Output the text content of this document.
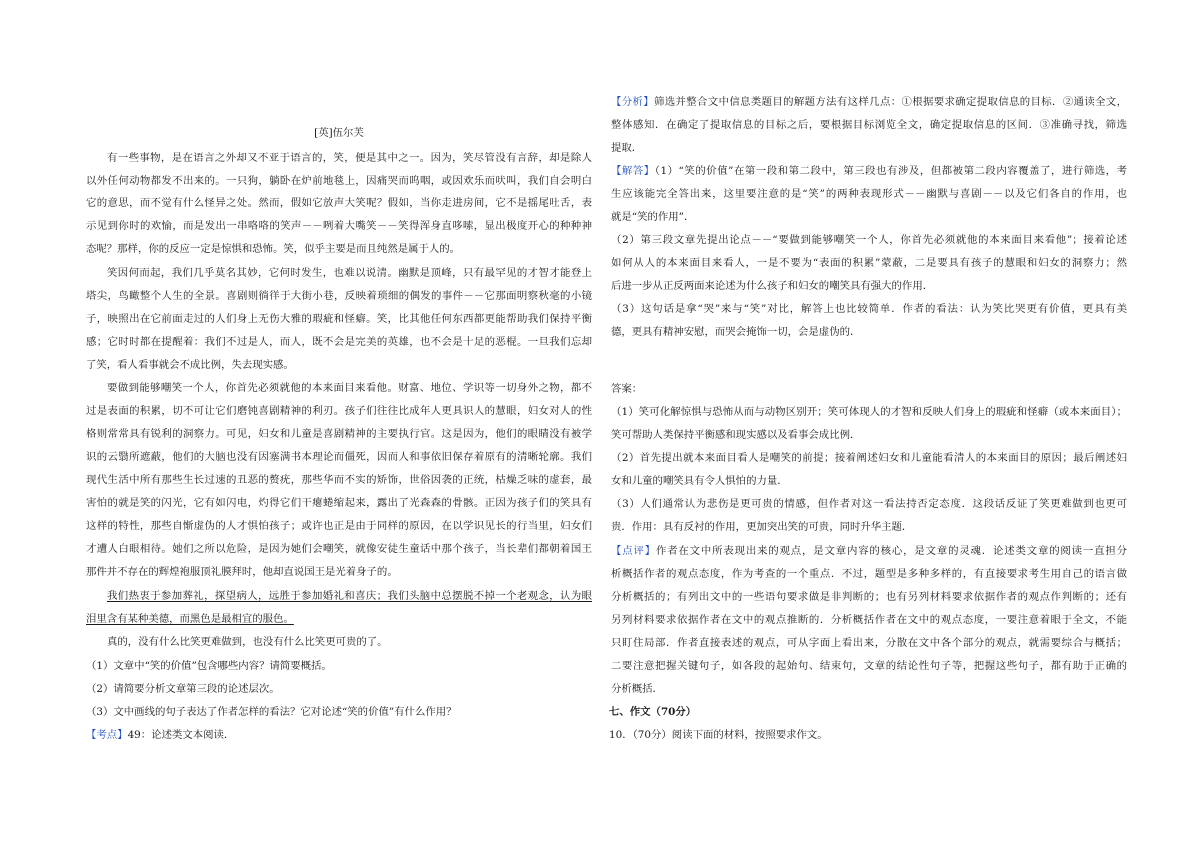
[英]伍尔芙
有一些事物，是在语言之外却又不亚于语言的，笑，便是其中之一。因为，笑尽管没有言辞，却是除人
以外任何动物都发不出来的。一只狗，躺卧在炉前地毯上，因痛哭而呜咽，或因欢乐而吠叫，我们自会明白
它的意思，而不觉有什么怪异之处。然而，假如它放声大笑呢？假如，当你走进房间，它不是摇尾吐舌，表
示见到你时的欢愉，而是发出一串咯咯的笑声－－咧着大嘴笑－－笑得浑身直哆嗦，显出极度开心的种种神
态呢？那样，你的反应一定是惊惧和恐怖。笑，似乎主要是而且纯然是属于人的。
笑因何而起，我们几乎莫名其妙，它何时发生，也难以说清。幽默是顶峰，只有最罕见的才智才能登上
塔尖，鸟瞰整个人生的全景。喜剧则徜徉于大街小巷，反映着琐细的偶发的事件－－它那面明察秋毫的小镜
子，映照出在它前面走过的人们身上无伤大雅的瑕疵和怪癖。笑，比其他任何东西都更能帮助我们保持平衡
感；它时时都在提醒着：我们不过是人，而人，既不会是完美的英雄，也不会是十足的恶棍。一旦我们忘却
了笑，看人看事就会不成比例，失去现实感。
要做到能够嘲笑一个人，你首先必须就他的本来面目来看他。财富、地位、学识等一切身外之物，都不
过是表面的积累，切不可让它们磨钝喜剧精神的利刃。孩子们往往比成年人更具识人的慧眼，妇女对人的性
格则常常具有锐利的洞察力。可见，妇女和儿童是喜剧精神的主要执行官。这是因为，他们的眼睛没有被学
识的云翳所遮蔽，他们的大脑也没有因塞满书本理论而僵死，因而人和事依旧保存着原有的清晰轮廓。我们
现代生活中所有那些生长过速的丑恶的赘疣，那些华而不实的矫饰，世俗因袭的正统，枯燥乏味的虚套，最
害怕的就是笑的闪光，它有如闪电，灼得它们干瘪蜷缩起来，露出了光森森的骨骸。正因为孩子们的笑具有
这样的特性，那些自惭虚伪的人才惧怕孩子；或许也正是由于同样的原因，在以学识见长的行当里，妇女们
才遭人白眼相待。她们之所以危险，是因为她们会嘲笑，就像安徒生童话中那个孩子，当长辈们都朝着国王
那件并不存在的辉煌袍服顶礼膜拜时，他却直说国王是光着身子的。
我们热衷于参加葬礼，探望病人，远胜于参加婚礼和喜庆；我们头脑中总摆脱不掉一个老观念，认为眼
泪里含有某种美德，而黑色是最相宜的服色。
真的，没有什么比笑更难做到，也没有什么比笑更可贵的了。
（1）文章中“笑的价值”包含哪些内容？请简要概括。
（2）请简要分析文章第三段的论述层次。
（3）文中画线的句子表达了作者怎样的看法？它对论述“笑的价值”有什么作用？
【考点】49：论述类文本阅读．
【分析】筛选并整合文中信息类题目的解题方法有这样几点：①根据要求确定提取信息的目标．②通读全文，
整体感知．在确定了提取信息的目标之后，要根据目标浏览全文，确定提取信息的区间．③准确寻找，筛选
提取．
【解答】（1）“笑的价值”在第一段和第二段中，第三段也有涉及，但都被第二段内容覆盖了，进行筛选，考
生应该能完全答出来，这里要注意的是“笑”的两种表现形式－－幽默与喜剧－－以及它们各自的作用，也
就是“笑的作用”．
（2）第三段文章先提出论点－－“要做到能够嘲笑一个人，你首先必须就他的本来面目来看他”；接着论述
如何从人的本来面目来看人，一是不要为“表面的积累”蒙蔽，二是要具有孩子的慧眼和妇女的洞察力；然
后进一步从正反两面来论述为什么孩子和妇女的嘲笑具有强大的作用．
（3）这句话是拿“哭”来与“笑”对比，解答上也比较简单．作者的看法：认为笑比哭更有价值，更具有美
德，更具有精神安慰，而哭会掩饰一切，会是虚伪的．
答案：
（1）笑可化解惊惧与恐怖从而与动物区别开；笑可体现人的才智和反映人们身上的瑕疵和怪癖（或本来面目）；
笑可帮助人类保持平衡感和现实感以及看事会成比例．
（2）首先提出就本来面目看人是嘲笑的前提；接着阐述妇女和儿童能看清人的本来面目的原因；最后阐述妇
女和儿童的嘲笑具有令人惧怕的力量．
（3）人们通常认为悲伤是更可贵的情感，但作者对这一看法持否定态度．这段话反证了笑更难做到也更可
贵．作用：具有反衬的作用，更加突出笑的可贵，同时升华主题．
【点评】作者在文中所表现出来的观点，是文章内容的核心，是文章的灵魂．论述类文章的阅读一直担分
析概括作者的观点态度，作为考查的一个重点．不过，题型是多种多样的，有直接要求考生用自己的语言做
分析概括的；有列出文中的一些语句要求做是非判断的；也有另列材料要求依据作者的观点作判断的；还有
另列材料要求依据作者在文中的观点推断的．分析概括作者在文中的观点态度，一要注意着眼于全文，不能
只盯住局部．作者直接表述的观点，可从字面上看出来，分散在文中各个部分的观点，就需要综合与概括；
二要注意把握关键句子，如各段的起始句、结束句，文章的结论性句子等，把握这些句子，都有助于正确的
分析概括．
七、作文（70分）
10．（70分）阅读下面的材料，按照要求作文。
